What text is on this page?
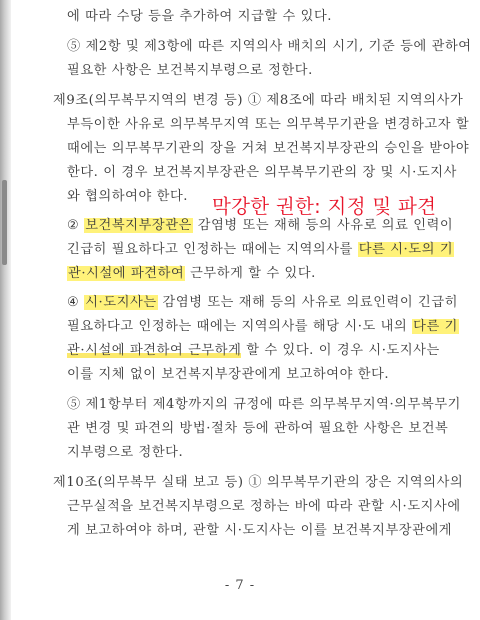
에 따라 수당 등을 추가하여 지급할 수 있다.
⑤ 제2항 및 제3항에 따른 지역의사 배치의 시기, 기준 등에 관하여
필요한 사항은 보건복지부령으로 정한다.
제9조(의무복무지역의 변경 등) ① 제8조에 따라 배치된 지역의사가
부득이한 사유로 의무복무지역 또는 의무복무기관을 변경하고자 할
때에는 의무복무기관의 장을 거쳐 보건복지부장관의 승인을 받아야
한다. 이 경우 보건복지부장관은 의무복무기관의 장 및 시·도지사
와 협의하여야 한다.
② 보건복지부장관은 감염병 또는 재해 등의 사유로 의료 인력이
긴급히 필요하다고 인정하는 때에는 지역의사를 다른 시·도의 기
관·시설에 파견하여 근무하게 할 수 있다.
④ 시·도지사는 감염병 또는 재해 등의 사유로 의료인력이 긴급히
필요하다고 인정하는 때에는 지역의사를 해당 시·도 내의 다른 기
관·시설에 파견하여 근무하게 할 수 있다. 이 경우 시·도지사는
이를 지체 없이 보건복지부장관에게 보고하여야 한다.
⑤ 제1항부터 제4항까지의 규정에 따른 의무복무지역·의무복무기
관 변경 및 파견의 방법·절차 등에 관하여 필요한 사항은 보건복
지부령으로 정한다.
제10조(의무복무 실태 보고 등) ① 의무복무기관의 장은 지역의사의
근무실적을 보건복지부령으로 정하는 바에 따라 관할 시·도지사에
게 보고하여야 하며, 관할 시·도지사는 이를 보건복지부장관에게
막강한 권한: 지정 및 파견
- 7 -
